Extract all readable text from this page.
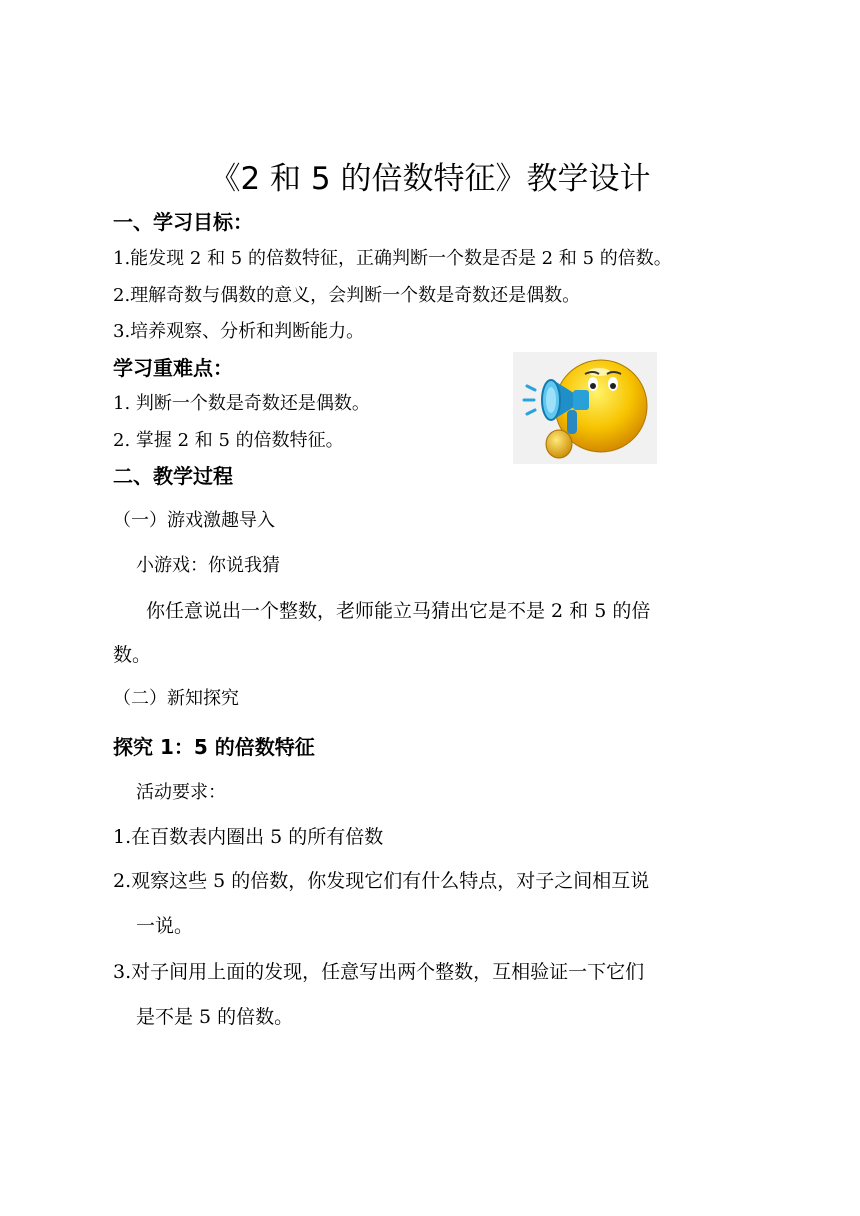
《2 和 5 的倍数特征》教学设计
一、学习目标：
1.能发现 2 和 5 的倍数特征，正确判断一个数是否是 2 和 5 的倍数。
2.理解奇数与偶数的意义，会判断一个数是奇数还是偶数。
3.培养观察、分析和判断能力。
学习重难点：
1. 判断一个数是奇数还是偶数。
2. 掌握 2 和 5 的倍数特征。
二、教学过程
（一）游戏激趣导入
小游戏：你说我猜
你任意说出一个整数，老师能立马猜出它是不是 2 和 5 的倍
数。
（二）新知探究
探究 1：5 的倍数特征
活动要求：
1.在百数表内圈出 5 的所有倍数
2.观察这些 5 的倍数，你发现它们有什么特点，对子之间相互说
一说。
3.对子间用上面的发现，任意写出两个整数，互相验证一下它们
是不是 5 的倍数。
